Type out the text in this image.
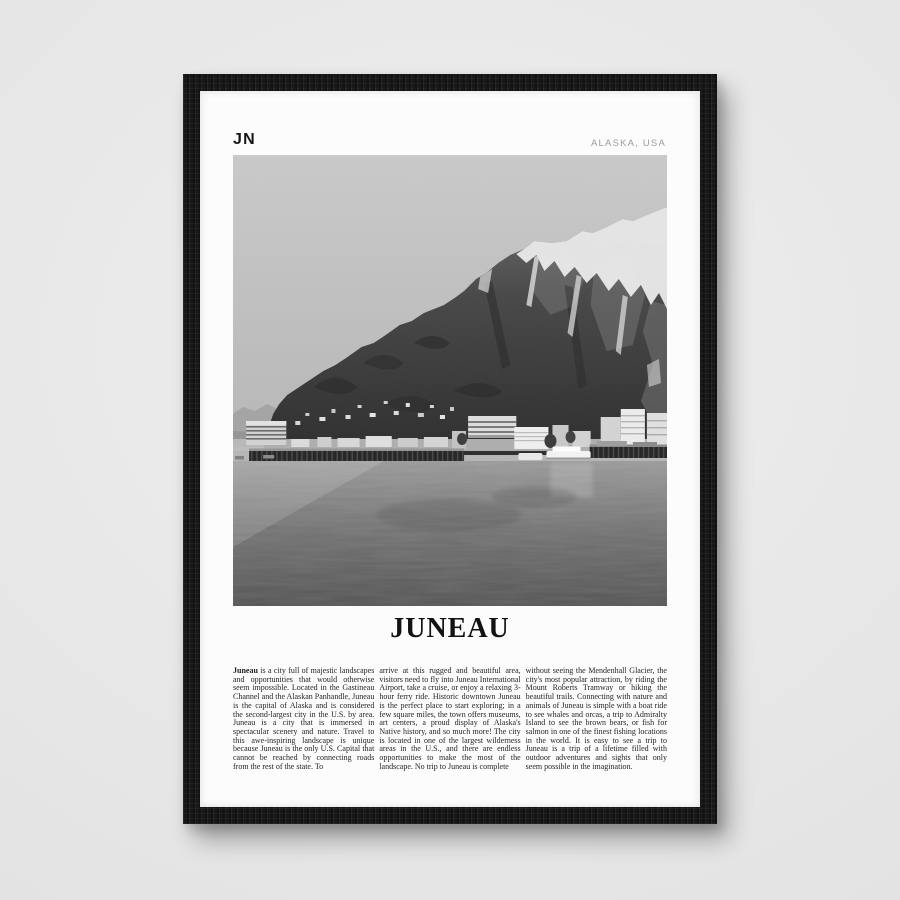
JN	ALASKA, USA
JUNEAU

Juneau is a city full of majestic landscapes and opportunities that would otherwise seem impossible. Located in the Gastineau Channel and the Alaskan Panhandle, Juneau is the capital of Alaska and is considered the second-largest city in the U.S. by area. Juneau is a city that is immersed in spectacular scenery and nature. Travel to this awe-inspiring landscape is unique because Juneau is the only U.S. Capital that cannot be reached by connecting roads from the rest of the state. To

arrive at this rugged and beautiful area, visitors need to fly into Juneau International Airport, take a cruise, or enjoy a relaxing 3-hour ferry ride. Historic downtown Juneau is the perfect place to start exploring; in a few square miles, the town offers museums, art centers, a proud display of Alaska's Native history, and so much more! The city is located in one of the largest wilderness areas in the U.S., and there are endless opportunities to make the most of the landscape. No trip to Juneau is complete

without seeing the Mendenhall Glacier, the city's most popular attraction, by riding the Mount Roberts Tramway or hiking the beautiful trails. Connecting with nature and animals of Juneau is simple with a boat ride to see whales and orcas, a trip to Admiralty Island to see the brown bears, or fish for salmon in one of the finest fishing locations in the world. It is easy to see a trip to Juneau is a trip of a lifetime filled with outdoor adventures and sights that only seem possible in the imagination.
